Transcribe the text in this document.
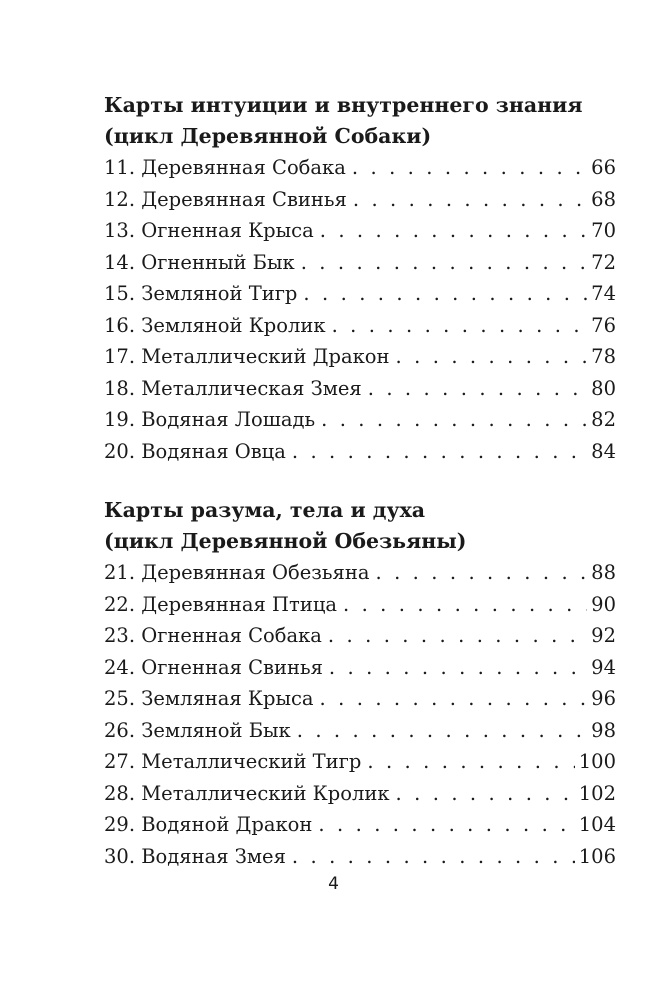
Карты интуиции и внутреннего знания
(цикл Деревянной Собаки)

11. Деревянная Собака . . .	66
12. Деревянная Свинья . . .	68
13. Огненная Крыса . . .	70
14. Огненный Бык . . .	72
15. Земляной Тигр . . .	74
16. Земляной Кролик . . .	76
17. Металлический Дракон . . .	78
18. Металлическая Змея . . .	80
19. Водяная Лошадь . . .	82
20. Водяная Овца . . .	84

Карты разума, тела и духа
(цикл Деревянной Обезьяны)

21. Деревянная Обезьяна . . .	88
22. Деревянная Птица . . .	90
23. Огненная Собака . . .	92
24. Огненная Свинья . . .	94
25. Земляная Крыса . . .	96
26. Земляной Бык . . .	98
27. Металлический Тигр . . .	100
28. Металлический Кролик . . .	102
29. Водяной Дракон . . .	104
30. Водяная Змея . . .	106
4
